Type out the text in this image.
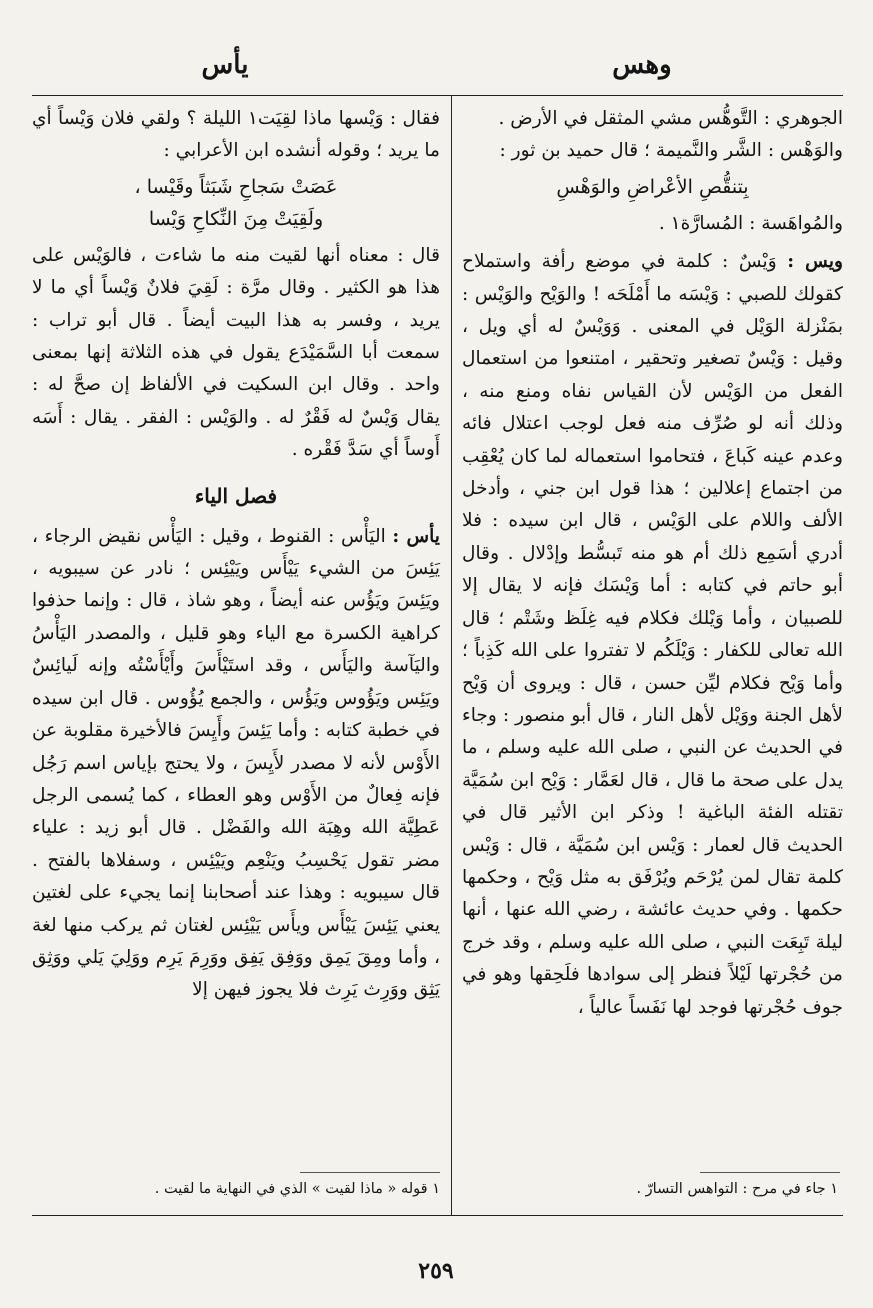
يأس	وهس

الجوهري : التَّوهُّس مشي المثقل في الأرض .

والوَهْس : الشَّر والنَّميمة ؛ قال حميد بن ثور :

بِتنقُّصِ الأعْراضِ والوَهْسِ

والمُواهَسة : المُسارَّة١ .

ويس : وَيْسٌ : كلمة في موضع رأفة واستملاح كقولك للصبي : وَيْسَه ما أَمْلَحَه ! والوَيْح والوَيْس : بمَنْزلة الوَيْل في المعنى . وَوَيْسٌ له أي ويل ، وقيل : وَيْسٌ تصغير وتحقير ، امتنعوا من استعمال الفعل من الوَيْس لأن القياس نفاه ومنع منه ، وذلك أنه لو صُرِّف منه فعل لوجب اعتلال فائه وعدم عينه كَباعَ ، فتحاموا استعماله لما كان يُعْقِب من اجتماع إعلالين ؛ هذا قول ابن جني ، وأدخل الألف واللام على الوَيْس ، قال ابن سيده : فلا أدري أسَمِع ذلك أم هو منه تَبسُّط وإدْلال . وقال أبو حاتم في كتابه : أما وَيْسَك فإنه لا يقال إلا للصبيان ، وأما وَيْلك فكلام فيه غِلَظ وشَتْم ؛ قال الله تعالى للكفار : وَيْلَكُم لا تفتروا على الله كَذِباً ؛ وأما وَيْح فكلام ليِّن حسن ، قال : ويروى أن وَيْح لأهل الجنة ووَيْل لأهل النار ، قال أبو منصور : وجاء في الحديث عن النبي ، صلى الله عليه وسلم ، ما يدل على صحة ما قال ، قال لعَمَّار : وَيْح ابن سُمَيَّة تقتله الفئة الباغية ! وذكر ابن الأثير قال في الحديث قال لعمار : وَيْس ابن سُمَيَّة ، قال : وَيْس كلمة تقال لمن يُرْحَم ويُرْفَق به مثل وَيْح ، وحكمها حكمها . وفي حديث عائشة ، رضي الله عنها ، أنها ليلة تَبِعَت النبي ، صلى الله عليه وسلم ، وقد خرج من حُجْرتها لَيْلاً فنظر إلى سوادها فلَحِقها وهو في جوف حُجْرتها فوجد لها نَفَساً عالياً ،

فقال : وَيْسها ماذا لقِيَت١ الليلة ؟ ولقي فلان وَيْساً أي ما يريد ؛ وقوله أنشده ابن الأعرابي :

عَصَتْ سَجاحِ شَبَثاً وقَيْسا ،

ولَقِيَتْ مِنَ النِّكاحِ وَيْسا

قال : معناه أنها لقيت منه ما شاءت ، فالوَيْس على هذا هو الكثير . وقال مرَّة : لَقِيَ فلانٌ وَيْساً أي ما لا يريد ، وفسر به هذا البيت أيضاً . قال أبو تراب : سمعت أبا السَّمَيْدَع يقول في هذه الثلاثة إنها بمعنى واحد . وقال ابن السكيت في الألفاظ إن صحَّ له : يقال وَيْسٌ له فَقْرٌ له . والوَيْس : الفقر . يقال : أَسَه أَوساً أي سَدَّ فَقْره .

فصل الياء

يأس : اليَأْس : القنوط ، وقيل : اليَأْس نقيض الرجاء ، يَئِسَ من الشيء يَيْأَس ويَيْئِس ؛ نادر عن سيبويه ، ويَئِسَ ويَؤُس عنه أيضاً ، وهو شاذ ، قال : وإنما حذفوا كراهية الكسرة مع الياء وهو قليل ، والمصدر اليَأْسُ واليَآسة واليَأَس ، وقد استَيْأَسَ وأَيْأَسْتُه وإنه لَيائِسٌ ويَئِس ويَؤُوس ويَؤُس ، والجمع يُؤُوس . قال ابن سيده في خطبة كتابه : وأما يَئِسَ وأَيِسَ فالأخيرة مقلوبة عن الأَوْس لأنه لا مصدر لأَيِسَ ، ولا يحتج بإياس اسم رَجُل فإنه فِعالٌ من الأَوْس وهو العطاء ، كما يُسمى الرجل عَطِيَّة الله وهِبَة الله والفَضْل . قال أبو زيد : علياء مضر تقول يَحْسِبُ ويَنْعِم ويَيْئِس ، وسفلاها بالفتح . قال سيبويه : وهذا عند أصحابنا إنما يجيء على لغتين يعني يَئِسَ يَيْأَس ويأَس يَيْئِس لغتان ثم يركب منها لغة ، وأما ومِقَ يَمِق ووَفِق يَفِق ووَرِمَ يَرِم ووَلِيَ يَلي ووَثِق يَثِق ووَرِث يَرِث فلا يجوز فيهن إلا

١ جاء في مرح : التواهس التسارّ .
١ قوله « ماذا لقيت » الذي في النهاية ما لقيت .
٢٥٩
